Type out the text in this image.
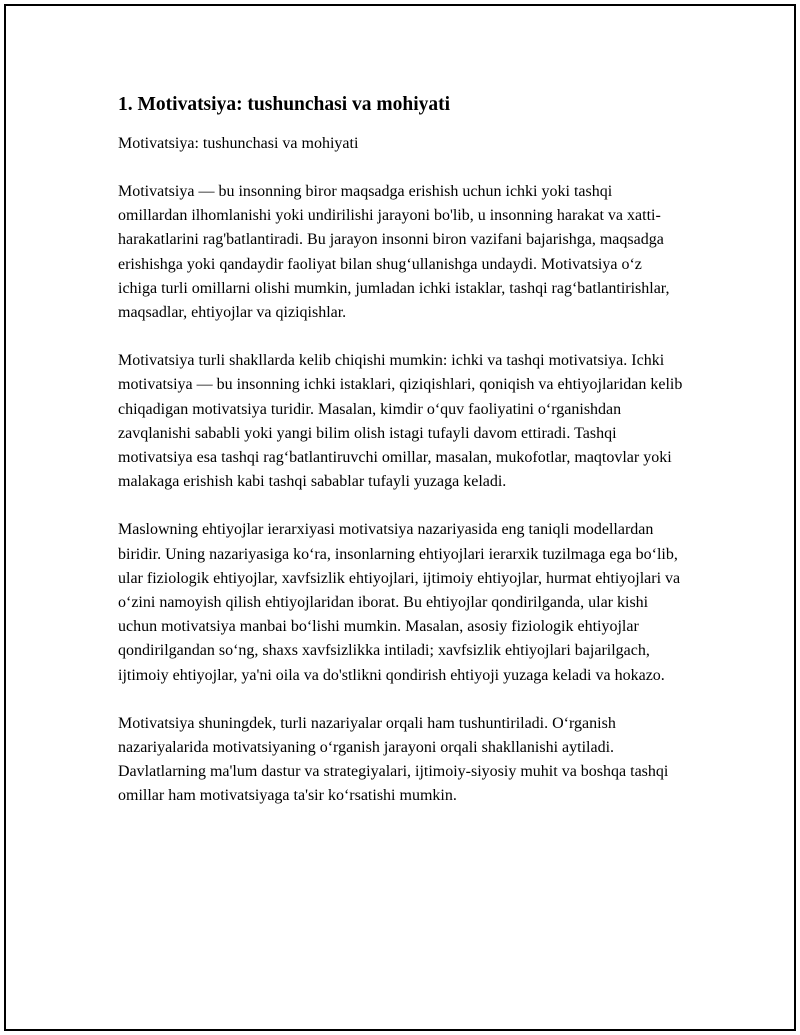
1. Motivatsiya: tushunchasi va mohiyati

Motivatsiya: tushunchasi va mohiyati

Motivatsiya — bu insonning biror maqsadga erishish uchun ichki yoki tashqi omillardan ilhomlanishi yoki undirilishi jarayoni bo'lib, u insonning harakat va xatti-harakatlarini rag'batlantiradi. Bu jarayon insonni biron vazifani bajarishga, maqsadga erishishga yoki qandaydir faoliyat bilan shug‘ullanishga undaydi. Motivatsiya o‘z ichiga turli omillarni olishi mumkin, jumladan ichki istaklar, tashqi rag‘batlantirishlar, maqsadlar, ehtiyojlar va qiziqishlar.

Motivatsiya turli shakllarda kelib chiqishi mumkin: ichki va tashqi motivatsiya. Ichki motivatsiya — bu insonning ichki istaklari, qiziqishlari, qoniqish va ehtiyojlaridan kelib chiqadigan motivatsiya turidir. Masalan, kimdir o‘quv faoliyatini o‘rganishdan zavqlanishi sababli yoki yangi bilim olish istagi tufayli davom ettiradi. Tashqi motivatsiya esa tashqi rag‘batlantiruvchi omillar, masalan, mukofotlar, maqtovlar yoki malakaga erishish kabi tashqi sabablar tufayli yuzaga keladi.

Maslowning ehtiyojlar ierarxiyasi motivatsiya nazariyasida eng taniqli modellardan biridir. Uning nazariyasiga ko‘ra, insonlarning ehtiyojlari ierarxik tuzilmaga ega bo‘lib, ular fiziologik ehtiyojlar, xavfsizlik ehtiyojlari, ijtimoiy ehtiyojlar, hurmat ehtiyojlari va o‘zini namoyish qilish ehtiyojlaridan iborat. Bu ehtiyojlar qondirilganda, ular kishi uchun motivatsiya manbai bo‘lishi mumkin. Masalan, asosiy fiziologik ehtiyojlar qondirilgandan so‘ng, shaxs xavfsizlikka intiladi; xavfsizlik ehtiyojlari bajarilgach, ijtimoiy ehtiyojlar, ya'ni oila va do'stlikni qondirish ehtiyoji yuzaga keladi va hokazo.

Motivatsiya shuningdek, turli nazariyalar orqali ham tushuntiriladi. O‘rganish nazariyalarida motivatsiyaning o‘rganish jarayoni orqali shakllanishi aytiladi. Davlatlarning ma'lum dastur va strategiyalari, ijtimoiy-siyosiy muhit va boshqa tashqi omillar ham motivatsiyaga ta'sir ko‘rsatishi mumkin.
